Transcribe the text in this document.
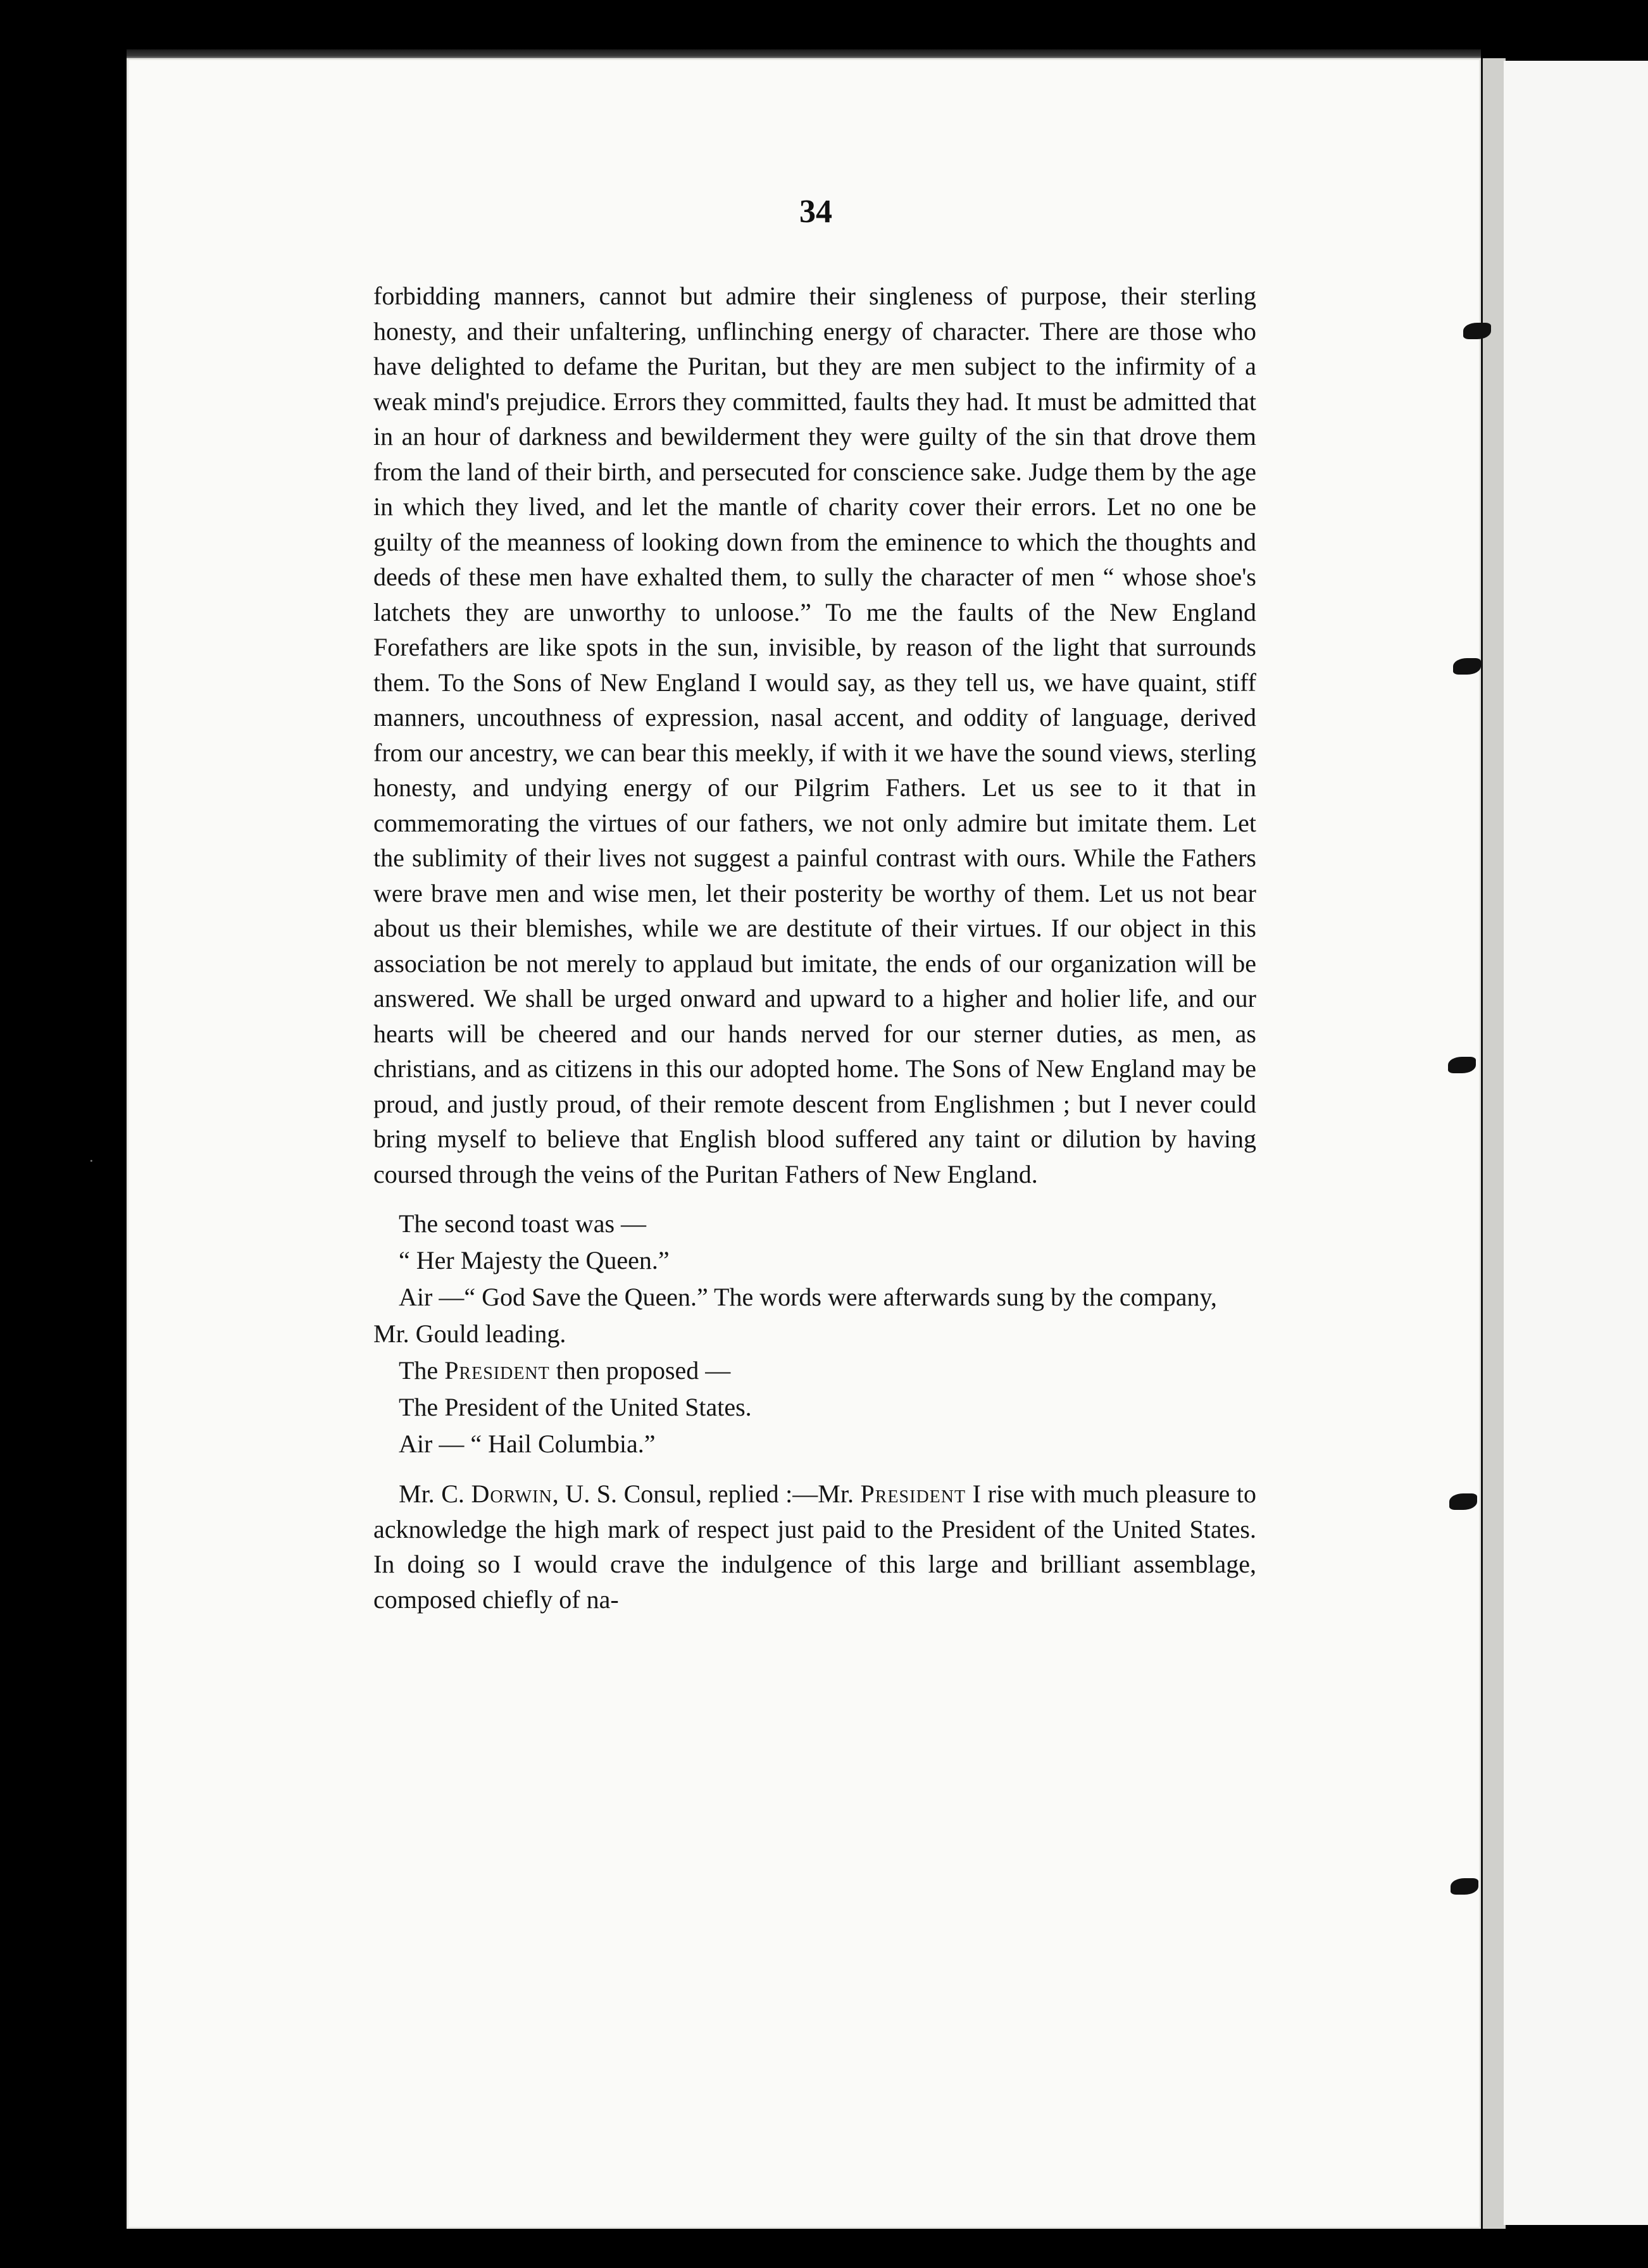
·
34

forbidding manners, cannot but admire their singleness of purpose, their sterling honesty, and their unfaltering, unflinching energy of character. There are those who have delighted to defame the Puritan, but they are men subject to the infirmity of a weak mind's prejudice. Errors they committed, faults they had. It must be admitted that in an hour of darkness and bewilderment they were guilty of the sin that drove them from the land of their birth, and persecuted for conscience sake. Judge them by the age in which they lived, and let the mantle of charity cover their errors. Let no one be guilty of the meanness of looking down from the eminence to which the thoughts and deeds of these men have exhalted them, to sully the character of men “ whose shoe's latchets they are unworthy to unloose.” To me the faults of the New England Forefathers are like spots in the sun, invisible, by reason of the light that surrounds them. To the Sons of New England I would say, as they tell us, we have quaint, stiff manners, uncouthness of expression, nasal accent, and oddity of language, derived from our ancestry, we can bear this meekly, if with it we have the sound views, sterling honesty, and undying energy of our Pilgrim Fathers. Let us see to it that in commemorating the virtues of our fathers, we not only admire but imitate them. Let the sublimity of their lives not suggest a painful contrast with ours. While the Fathers were brave men and wise men, let their posterity be worthy of them. Let us not bear about us their blemishes, while we are destitute of their virtues. If our object in this association be not merely to applaud but imitate, the ends of our organization will be answered. We shall be urged onward and upward to a higher and holier life, and our hearts will be cheered and our hands nerved for our sterner duties, as men, as christians, and as citizens in this our adopted home. The Sons of New England may be proud, and justly proud, of their remote descent from Englishmen ; but I never could bring myself to believe that English blood suffered any taint or dilution by having coursed through the veins of the Puritan Fathers of New England.

The second toast was —

“ Her Majesty the Queen.”

Air —“ God Save the Queen.” The words were afterwards sung by the company, Mr. Gould leading.

The President then proposed —

The President of the United States.

Air — “ Hail Columbia.”

Mr. C. Dorwin, U. S. Consul, replied :—Mr. President I rise with much pleasure to acknowledge the high mark of respect just paid to the President of the United States. In doing so I would crave the indulgence of this large and brilliant assemblage, composed chiefly of na-
